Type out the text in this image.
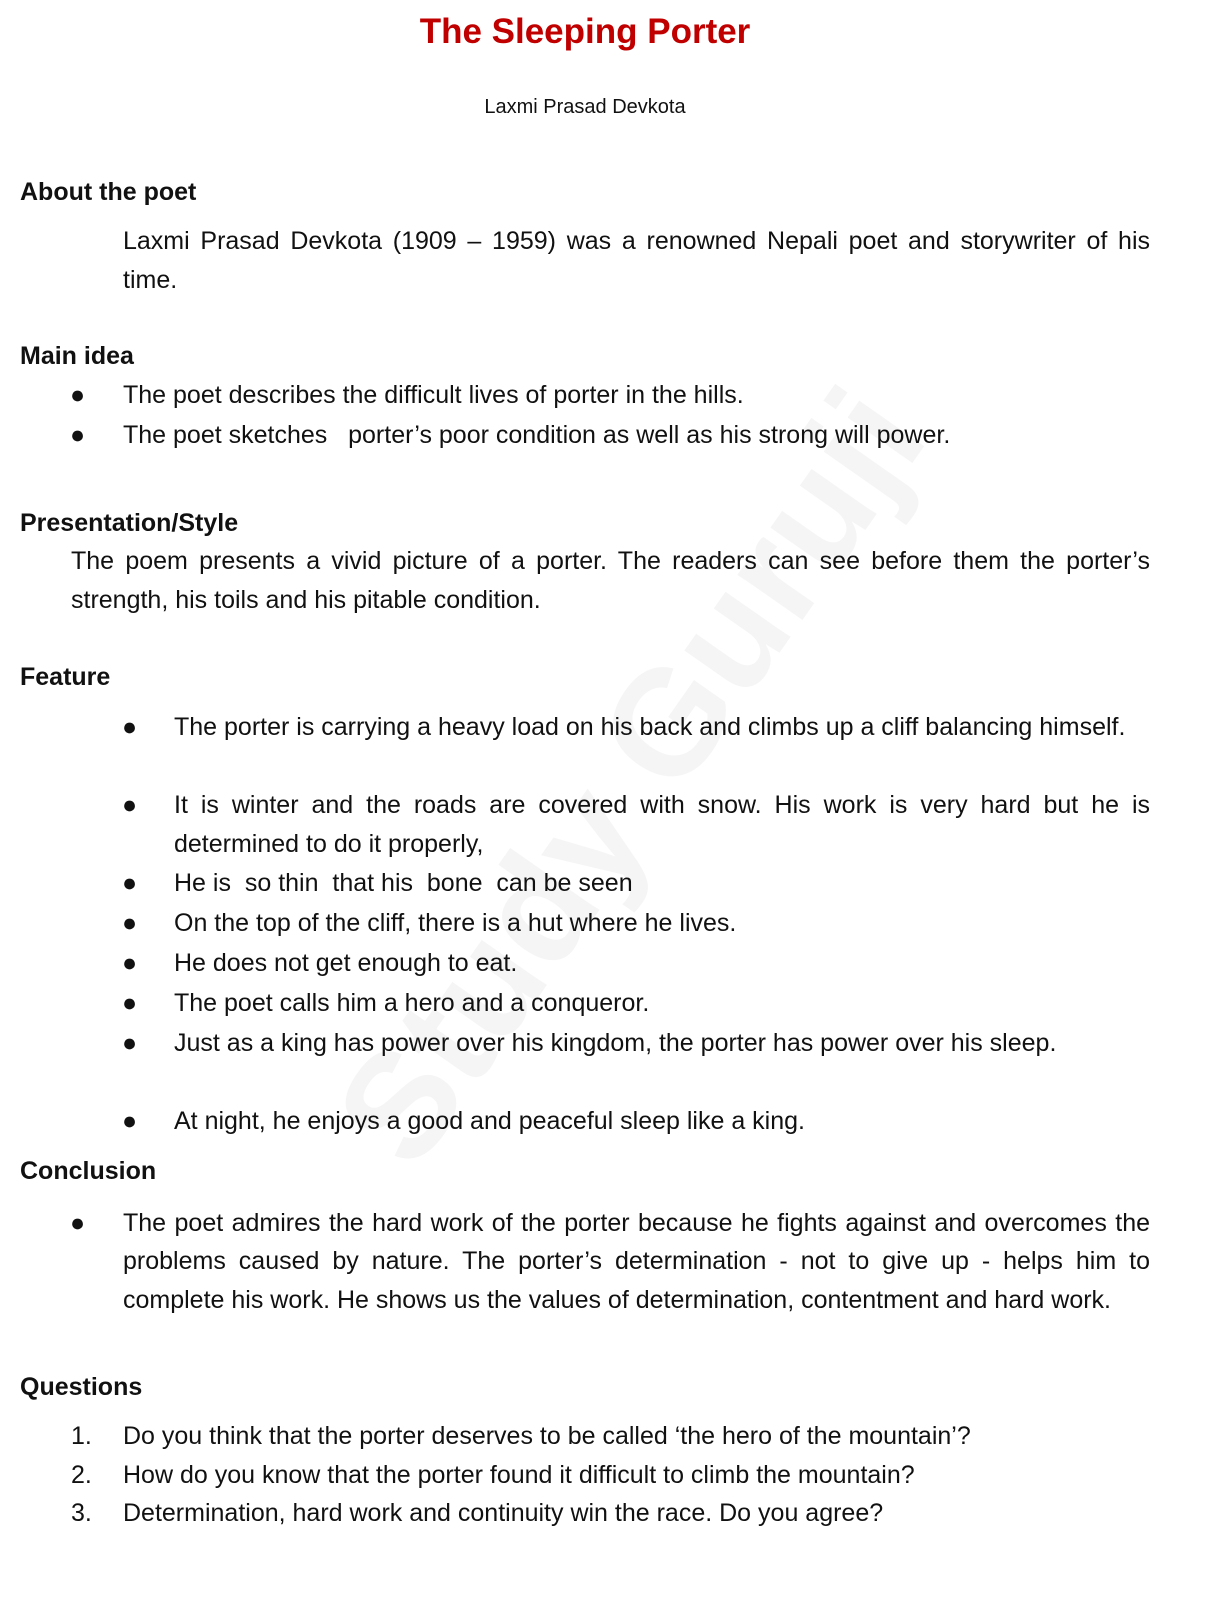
The Sleeping Porter
Laxmi Prasad Devkota
About the poet
Laxmi Prasad Devkota (1909 – 1959) was a renowned Nepali poet and storywriter of his time.
Main idea
● The poet describes the difficult lives of porter in the hills.
● The poet sketches   porter’s poor condition as well as his strong will power.
Presentation/Style
The poem presents a vivid picture of a porter. The readers can see before them the porter’s strength, his toils and his pitable condition.
Feature
● The porter is carrying a heavy load on his back and climbs up a cliff balancing himself.
● It is winter and the roads are covered with snow. His work is very hard but he is determined to do it properly,
● He is  so thin  that his  bone  can be seen
● On the top of the cliff, there is a hut where he lives.
● He does not get enough to eat.
● The poet calls him a hero and a conqueror.
● Just as a king has power over his kingdom, the porter has power over his sleep.
● At night, he enjoys a good and peaceful sleep like a king.
Conclusion
● The poet admires the hard work of the porter because he fights against and overcomes the problems caused by nature. The porter’s determination - not to give up - helps him to complete his work. He shows us the values of determination, contentment and hard work.
Questions
1. Do you think that the porter deserves to be called ‘the hero of the mountain’?
2. How do you know that the porter found it difficult to climb the mountain?
3. Determination, hard work and continuity win the race. Do you agree?
